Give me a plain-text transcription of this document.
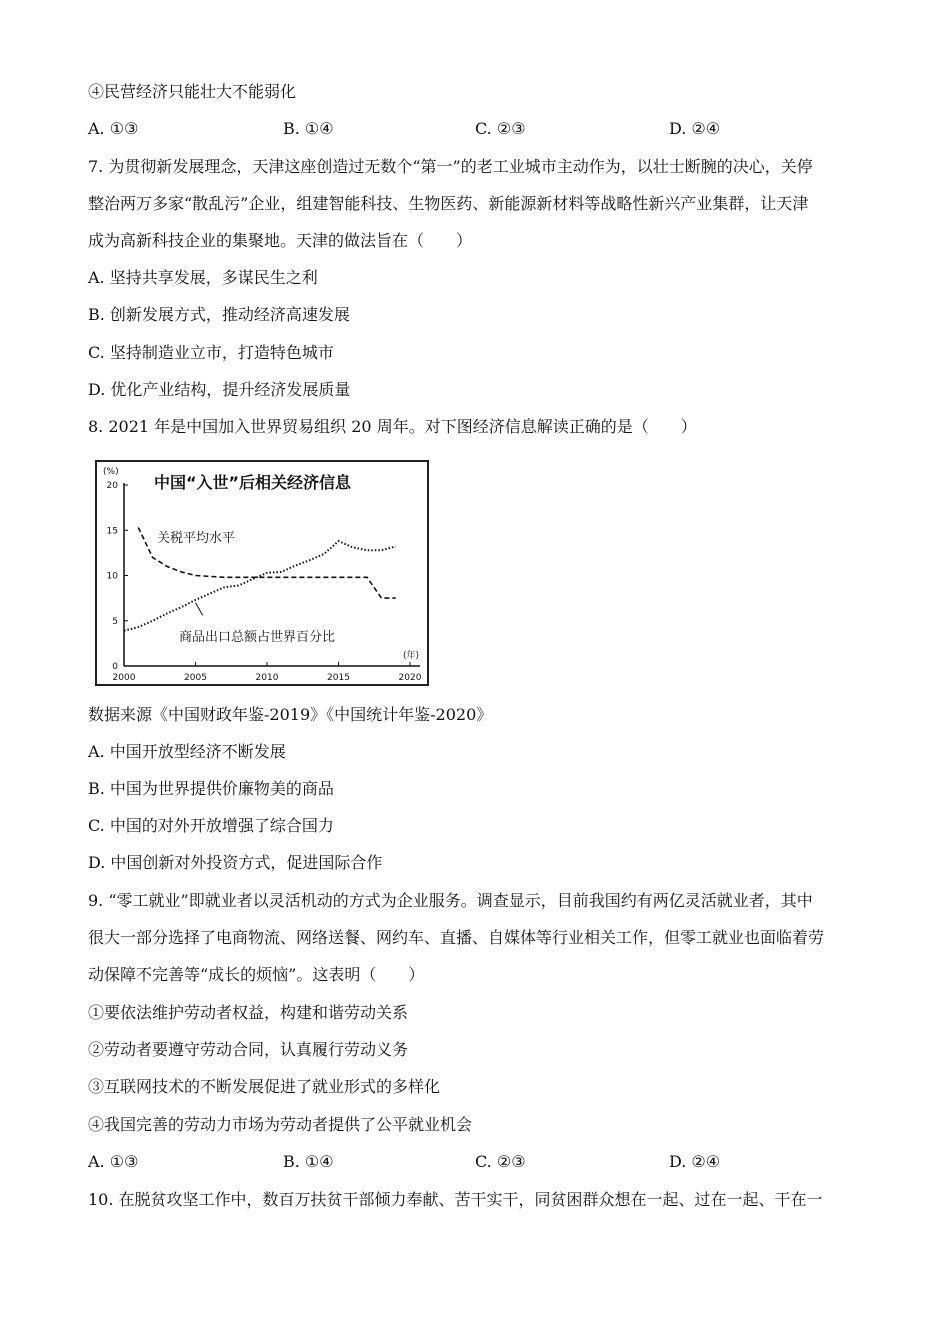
④民营经济只能壮大不能弱化
A. ①③	B. ①④	C. ②③	D. ②④
7. 为贯彻新发展理念，天津这座创造过无数个“第一”的老工业城市主动作为，以壮士断腕的决心，关停
整治两万多家“散乱污”企业，组建智能科技、生物医药、新能源新材料等战略性新兴产业集群，让天津
成为高新科技企业的集聚地。天津的做法旨在（　　）
A. 坚持共享发展，多谋民生之利
B. 创新发展方式，推动经济高速发展
C. 坚持制造业立市，打造特色城市
D. 优化产业结构，提升经济发展质量
8. 2021 年是中国加入世界贸易组织 20 周年。对下图经济信息解读正确的是（　　）
中国“入世”后相关经济信息
(%)
(年)
0
5
10
15
20
2000	2005	2010	2015	2020
关税平均水平
商品出口总额占世界百分比
数据来源《中国财政年鉴-2019》《中国统计年鉴-2020》
A. 中国开放型经济不断发展
B. 中国为世界提供价廉物美的商品
C. 中国的对外开放增强了综合国力
D. 中国创新对外投资方式，促进国际合作
9. “零工就业”即就业者以灵活机动的方式为企业服务。调查显示，目前我国约有两亿灵活就业者，其中
很大一部分选择了电商物流、网络送餐、网约车、直播、自媒体等行业相关工作，但零工就业也面临着劳
动保障不完善等“成长的烦恼”。这表明（　　）
①要依法维护劳动者权益，构建和谐劳动关系
②劳动者要遵守劳动合同，认真履行劳动义务
③互联网技术的不断发展促进了就业形式的多样化
④我国完善的劳动力市场为劳动者提供了公平就业机会
A. ①③	B. ①④	C. ②③	D. ②④
10. 在脱贫攻坚工作中，数百万扶贫干部倾力奉献、苦干实干，同贫困群众想在一起、过在一起、干在一
